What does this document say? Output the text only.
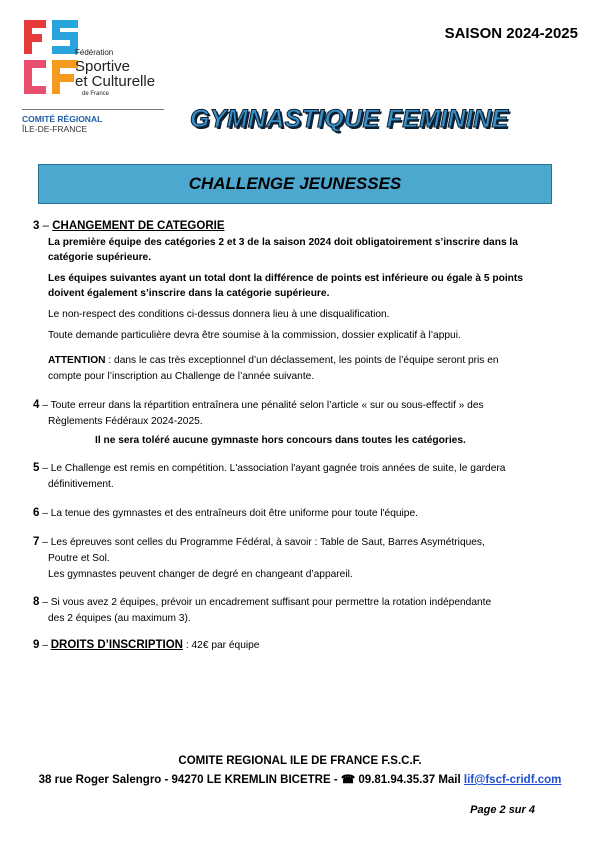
Fédération
Sportive
et Culturelle
de France
COMITÉ RÉGIONAL
ÎLE-DE-FRANCE
SAISON 2024-2025
GYMNASTIQUE FEMININE
CHALLENGE JEUNESSES
3 – CHANGEMENT DE CATEGORIE
La première équipe des catégories 2 et 3 de la saison 2024 doit obligatoirement s’inscrire dans la
catégorie supérieure.
Les équipes suivantes ayant un total dont la différence de points est inférieure ou égale à 5 points
doivent également s’inscrire dans la catégorie supérieure.
Le non-respect des conditions ci-dessus donnera lieu à une disqualification.
Toute demande particulière devra être soumise à la commission, dossier explicatif à l’appui.
ATTENTION : dans le cas très exceptionnel d’un déclassement, les points de l’équipe seront pris en
compte pour l’inscription au Challenge de l’année suivante.
4 – Toute erreur dans la répartition entraînera une pénalité selon l’article « sur ou sous-effectif » des
Règlements Fédéraux 2024-2025.
Il ne sera toléré aucune gymnaste hors concours dans toutes les catégories.
5 – Le Challenge est remis en compétition. L'association l'ayant gagnée trois années de suite, le gardera
définitivement.
6 – La tenue des gymnastes et des entraîneurs doit être uniforme pour toute l'équipe.
7 – Les épreuves sont celles du Programme Fédéral, à savoir : Table de Saut, Barres Asymétriques,
Poutre et Sol.
Les gymnastes peuvent changer de degré en changeant d’appareil.
8 – Si vous avez 2 équipes, prévoir un encadrement suffisant pour permettre la rotation indépendante
des 2 équipes (au maximum 3).
9 – DROITS D’INSCRIPTION : 42€ par équipe
COMITE REGIONAL ILE DE FRANCE F.S.C.F.
38 rue Roger Salengro - 94270 LE KREMLIN BICETRE - ☎ 09.81.94.35.37 Mail lif@fscf-cridf.com
Page 2 sur 4
